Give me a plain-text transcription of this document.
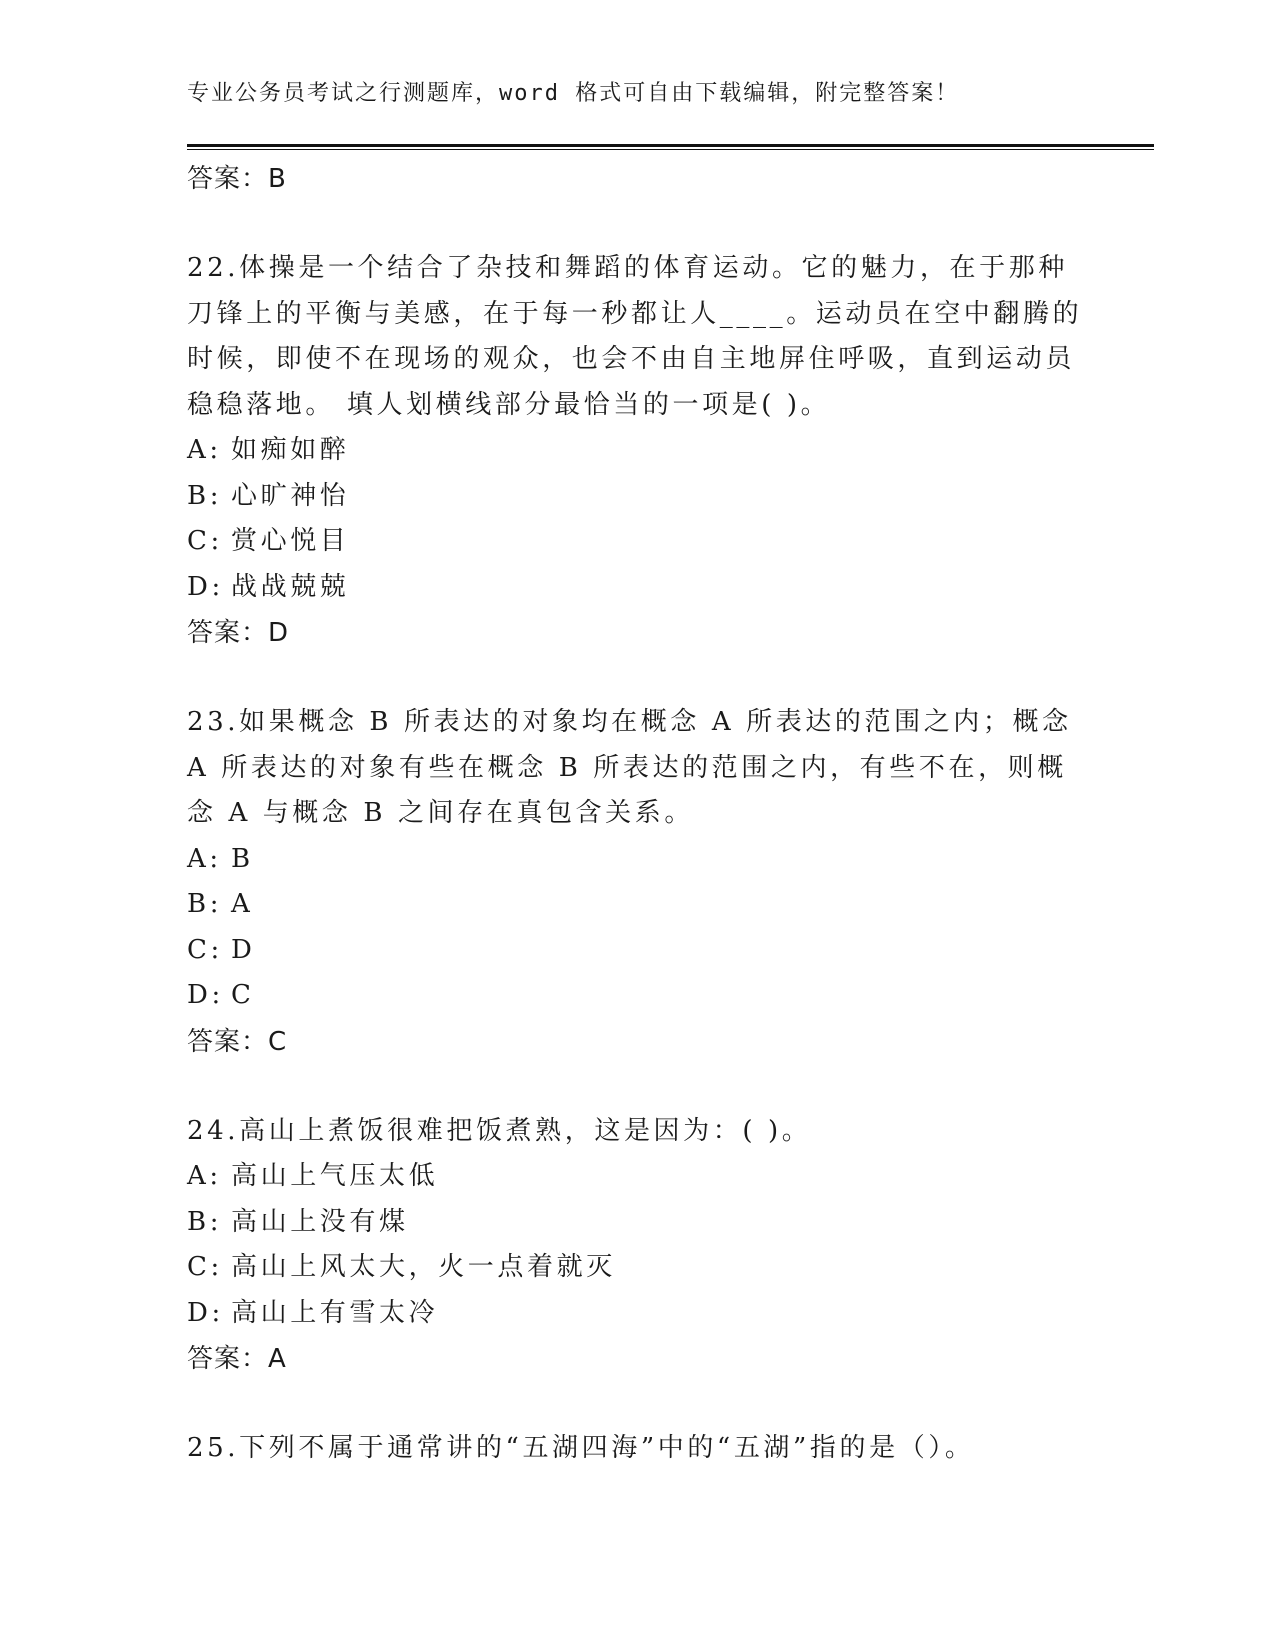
专业公务员考试之行测题库，word 格式可自由下载编辑，附完整答案！
答案：B
22.体操是一个结合了杂技和舞蹈的体育运动。它的魅力，在于那种刀锋上的平衡与美感，在于每一秒都让人____。运动员在空中翻腾的时候，即使不在现场的观众，也会不由自主地屏住呼吸，直到运动员稳稳落地。 填人划横线部分最恰当的一项是( )。
A: 如痴如醉
B: 心旷神怡
C: 赏心悦目
D: 战战兢兢
答案：D
23.如果概念 B 所表达的对象均在概念 A 所表达的范围之内；概念 A 所表达的对象有些在概念 B 所表达的范围之内，有些不在，则概念 A 与概念 B 之间存在真包含关系。
A: B
B: A
C: D
D: C
答案：C
24.高山上煮饭很难把饭煮熟，这是因为：( )。
A: 高山上气压太低
B: 高山上没有煤
C: 高山上风太大，火一点着就灭
D: 高山上有雪太冷
答案：A
25.下列不属于通常讲的“五湖四海”中的“五湖”指的是（）。
